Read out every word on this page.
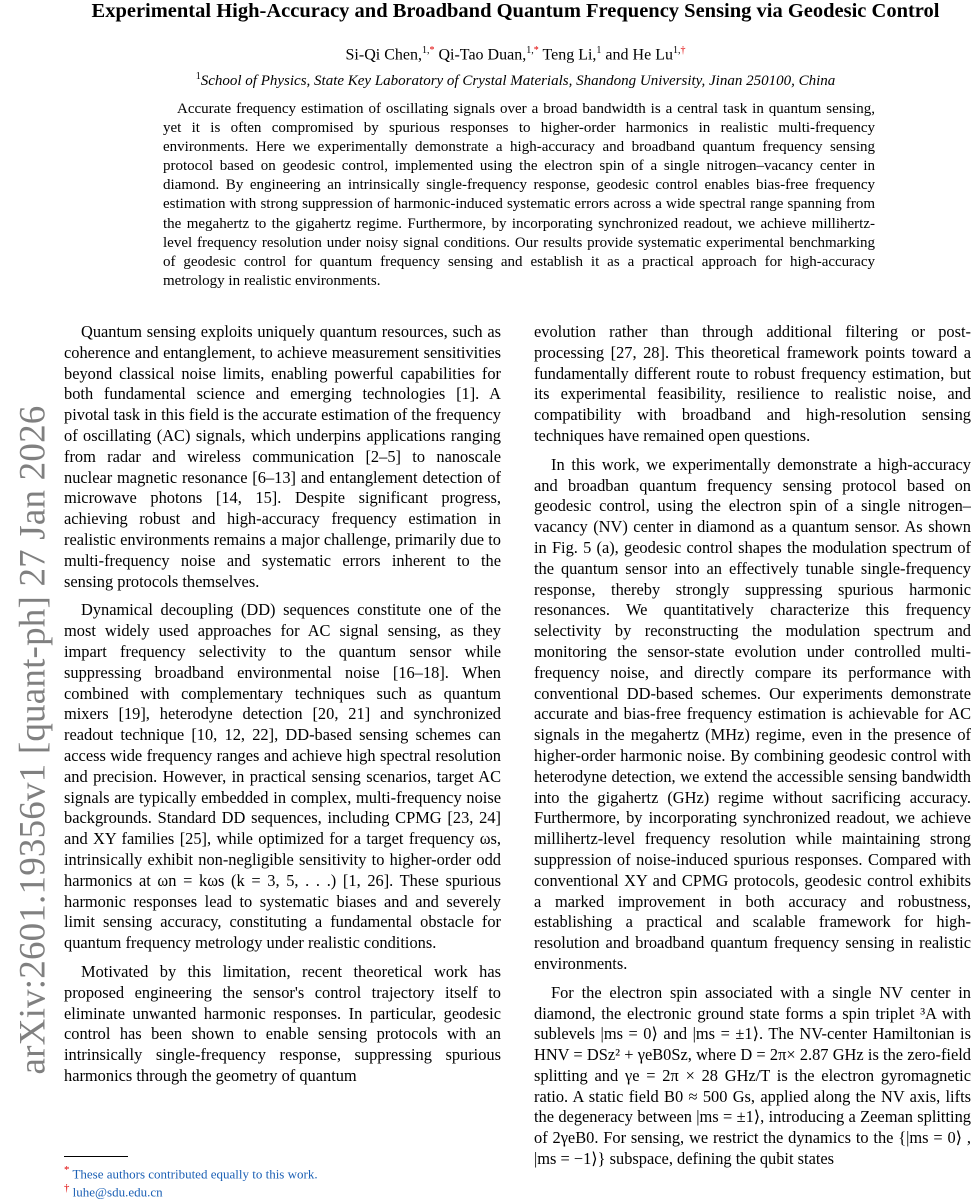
arXiv:2601.19356v1 [quant-ph] 27 Jan 2026
Experimental High-Accuracy and Broadband Quantum Frequency Sensing via Geodesic Control
Si-Qi Chen,$^{1,*}$ Qi-Tao Duan,$^{1,*}$ Teng Li,$^1$ and He $Lu^{1,\dagger}$
$^1$School of Physics, State Key Laboratory of Crystal Materials, Shandong University, Jinan 250100, China
Accurate frequency estimation of oscillating signals over a broad bandwidth is a central task in quantum sensing, yet it is often compromised by spurious responses to higher-order harmonics in realistic multi-frequency environments. Here we experimentally demonstrate a high-accuracy and broadband quantum frequency sensing protocol based on geodesic control, implemented using the electron spin of a single nitrogen–vacancy center in diamond. By engineering an intrinsically single-frequency response, geodesic control enables bias-free frequency estimation with strong suppression of harmonic-induced systematic errors across a wide spectral range spanning from the megahertz to the gigahertz regime. Furthermore, by incorporating synchronized readout, we achieve millihertz-level frequency resolution under noisy signal conditions. Our results provide systematic experimental benchmarking of geodesic control for quantum frequency sensing and establish it as a practical approach for high-accuracy metrology in realistic environments.

Quantum sensing exploits uniquely quantum resources, such as coherence and entanglement, to achieve measurement sensitivities beyond classical noise limits, enabling powerful capabilities for both fundamental science and emerging technologies [1]. A pivotal task in this field is the accurate estimation of the frequency of oscillating (AC) signals, which underpins applications ranging from radar and wireless communication [2–5] to nanoscale nuclear magnetic resonance [6–13] and entanglement detection of microwave photons [14, 15]. Despite significant progress, achieving robust and high-accuracy frequency estimation in realistic environments remains a major challenge, primarily due to multi-frequency noise and systematic errors inherent to the sensing protocols themselves.

Dynamical decoupling (DD) sequences constitute one of the most widely used approaches for AC signal sensing, as they impart frequency selectivity to the quantum sensor while suppressing broadband environmental noise [16–18]. When combined with complementary techniques such as quantum mixers [19], heterodyne detection [20, 21] and synchronized readout technique [10, 12, 22], DD-based sensing schemes can access wide frequency ranges and achieve high spectral resolution and precision. However, in practical sensing scenarios, target AC signals are typically embedded in complex, multi-frequency noise backgrounds. Standard DD sequences, including CPMG [23, 24] and XY families [25], while optimized for a target frequency ωs, intrinsically exhibit non-negligible sensitivity to higher-order odd harmonics at ωn = kωs (k = 3, 5, . . .) [1, 26]. These spurious harmonic responses lead to systematic biases and and severely limit sensing accuracy, constituting a fundamental obstacle for quantum frequency metrology under realistic conditions.

Motivated by this limitation, recent theoretical work has proposed engineering the sensor's control trajectory itself to eliminate unwanted harmonic responses. In particular, geodesic control has been shown to enable sensing protocols with an intrinsically single-frequency response, suppressing spurious harmonics through the geometry of quantum

evolution rather than through additional filtering or post-processing [27, 28]. This theoretical framework points toward a fundamentally different route to robust frequency estimation, but its experimental feasibility, resilience to realistic noise, and compatibility with broadband and high-resolution sensing techniques have remained open questions.

In this work, we experimentally demonstrate a high-accuracy and broadban quantum frequency sensing protocol based on geodesic control, using the electron spin of a single nitrogen–vacancy (NV) center in diamond as a quantum sensor. As shown in Fig. 5 (a), geodesic control shapes the modulation spectrum of the quantum sensor into an effectively tunable single-frequency response, thereby strongly suppressing spurious harmonic resonances. We quantitatively characterize this frequency selectivity by reconstructing the modulation spectrum and monitoring the sensor-state evolution under controlled multi-frequency noise, and directly compare its performance with conventional DD-based schemes. Our experiments demonstrate accurate and bias-free frequency estimation is achievable for AC signals in the megahertz (MHz) regime, even in the presence of higher-order harmonic noise. By combining geodesic control with heterodyne detection, we extend the accessible sensing bandwidth into the gigahertz (GHz) regime without sacrificing accuracy. Furthermore, by incorporating synchronized readout, we achieve millihertz-level frequency resolution while maintaining strong suppression of noise-induced spurious responses. Compared with conventional XY and CPMG protocols, geodesic control exhibits a marked improvement in both accuracy and robustness, establishing a practical and scalable framework for high-resolution and broadband quantum frequency sensing in realistic environments.

For the electron spin associated with a single NV center in diamond, the electronic ground state forms a spin triplet ³A with sublevels |ms = 0⟩ and |ms = ±1⟩. The NV-center Hamiltonian is HNV = DSz² + γeB0Sz, where D = 2π× 2.87 GHz is the zero-field splitting and γe = 2π × 28 GHz/T is the electron gyromagnetic ratio. A static field B0 ≈ 500 Gs, applied along the NV axis, lifts the degeneracy between |ms = ±1⟩, introducing a Zeeman splitting of 2γeB0. For sensing, we restrict the dynamics to the {|ms = 0⟩ , |ms = −1⟩} subspace, defining the qubit states

* These authors contributed equally to this work.
† luhe@sdu.edu.cn
